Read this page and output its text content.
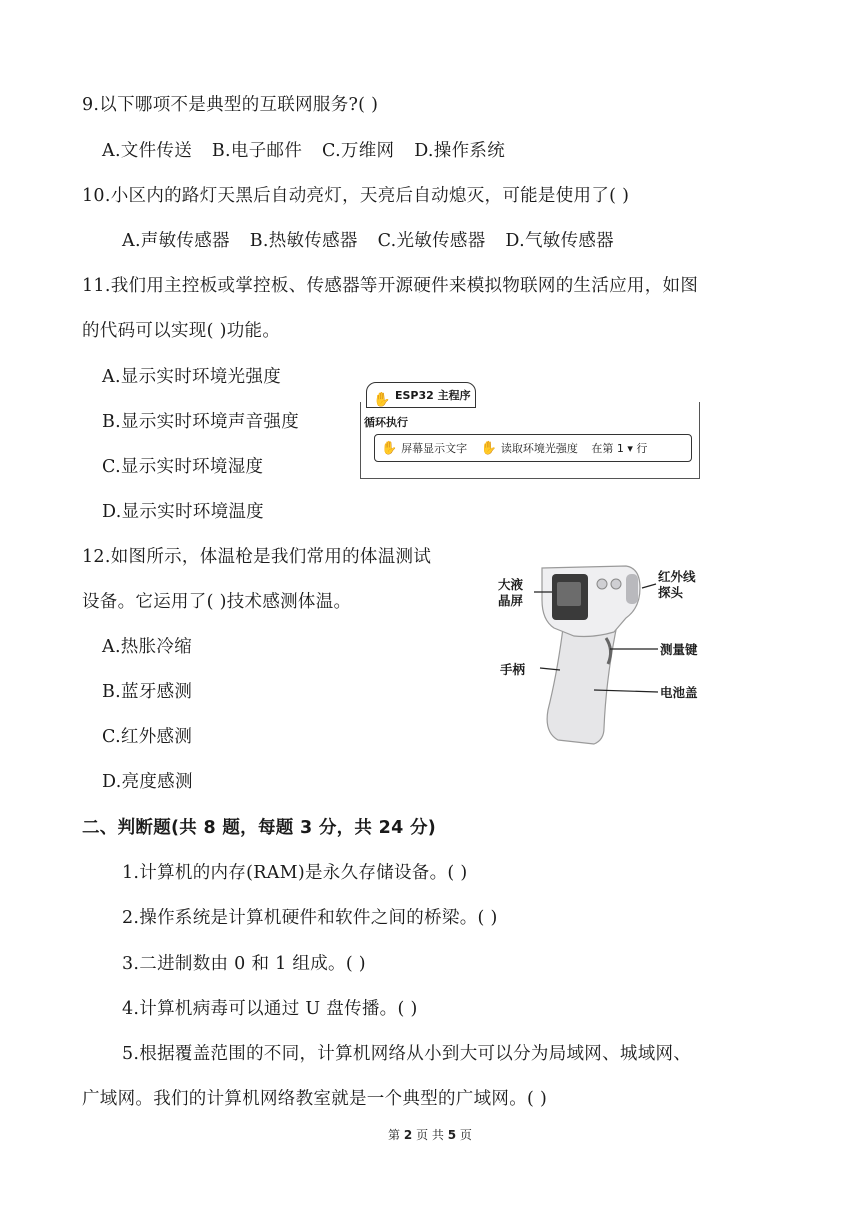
9.以下哪项不是典型的互联网服务?( )
A.文件传送 B.电子邮件 C.万维网 D.操作系统
10.小区内的路灯天黑后自动亮灯，天亮后自动熄灭，可能是使用了( )
A.声敏传感器 B.热敏传感器 C.光敏传感器 D.气敏传感器
11.我们用主控板或掌控板、传感器等开源硬件来模拟物联网的生活应用，如图
的代码可以实现( )功能。
A.显示实时环境光强度
B.显示实时环境声音强度
C.显示实时环境湿度
D.显示实时环境温度
✋ ESP32 主程序
循环执行
✋ 屏幕显示文字 ✋ 读取环境光强度 在第 1 ▾ 行
12.如图所示，体温枪是我们常用的体温测试
设备。它运用了( )技术感测体温。
A.热胀冷缩
B.蓝牙感测
C.红外感测
D.亮度感测
大液
晶屏
红外线
探头
测量键
手柄
电池盖
二、判断题(共 8 题，每题 3 分，共 24 分)
1.计算机的内存(RAM)是永久存储设备。( )
2.操作系统是计算机硬件和软件之间的桥梁。( )
3.二进制数由 0 和 1 组成。( )
4.计算机病毒可以通过 U 盘传播。( )
5.根据覆盖范围的不同，计算机网络从小到大可以分为局域网、城域网、
广域网。我们的计算机网络教室就是一个典型的广域网。( )
第 2 页 共 5 页
